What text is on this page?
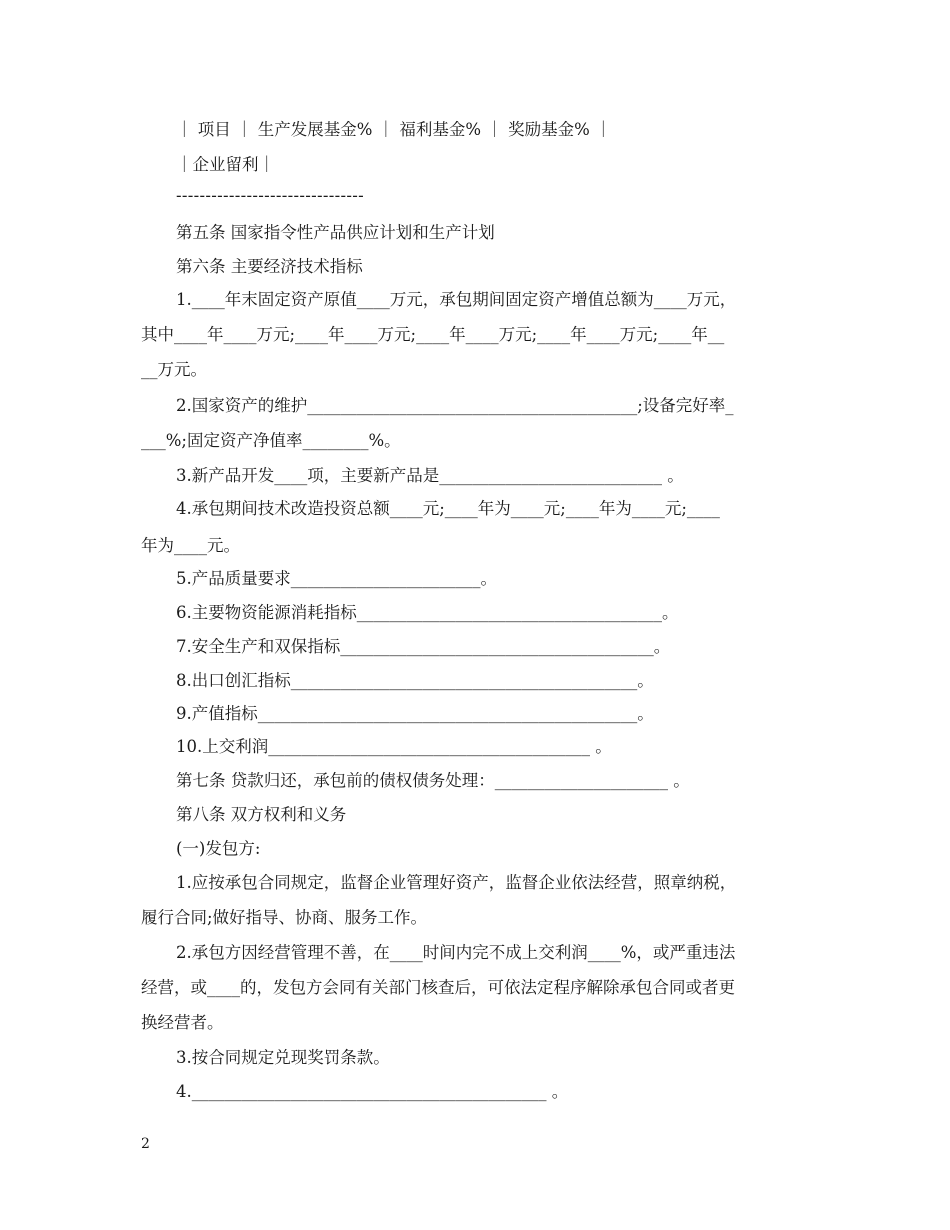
｜ 项目 ｜ 生产发展基金% ｜ 福利基金% ｜ 奖励基金% ｜
｜企业留利｜
--------------------------------
第五条 国家指令性产品供应计划和生产计划
第六条 主要经济技术指标
1.____年末固定资产原值____万元，承包期间固定资产增值总额为____万元，
其中____年____万元;____年____万元;____年____万元;____年____万元;____年__
__万元。
2.国家资产的维护________________________________________;设备完好率_
___%;固定资产净值率________%。
3.新产品开发____项，主要新产品是___________________________ 。
4.承包期间技术改造投资总额____元;____年为____元;____年为____元;____
年为____元。
5.产品质量要求_______________________。
6.主要物资能源消耗指标_____________________________________。
7.安全生产和双保指标______________________________________。
8.出口创汇指标__________________________________________。
9.产值指标______________________________________________。
10.上交利润_______________________________________ 。
第七条 贷款归还，承包前的债权债务处理：_____________________ 。
第八条 双方权利和义务
(一)发包方:
1.应按承包合同规定，监督企业管理好资产，监督企业依法经营，照章纳税，
履行合同;做好指导、协商、服务工作。
2.承包方因经营管理不善，在____时间内完不成上交利润____%，或严重违法
经营，或____的，发包方会同有关部门核查后，可依法定程序解除承包合同或者更
换经营者。
3.按合同规定兑现奖罚条款。
4.___________________________________________ 。
2
